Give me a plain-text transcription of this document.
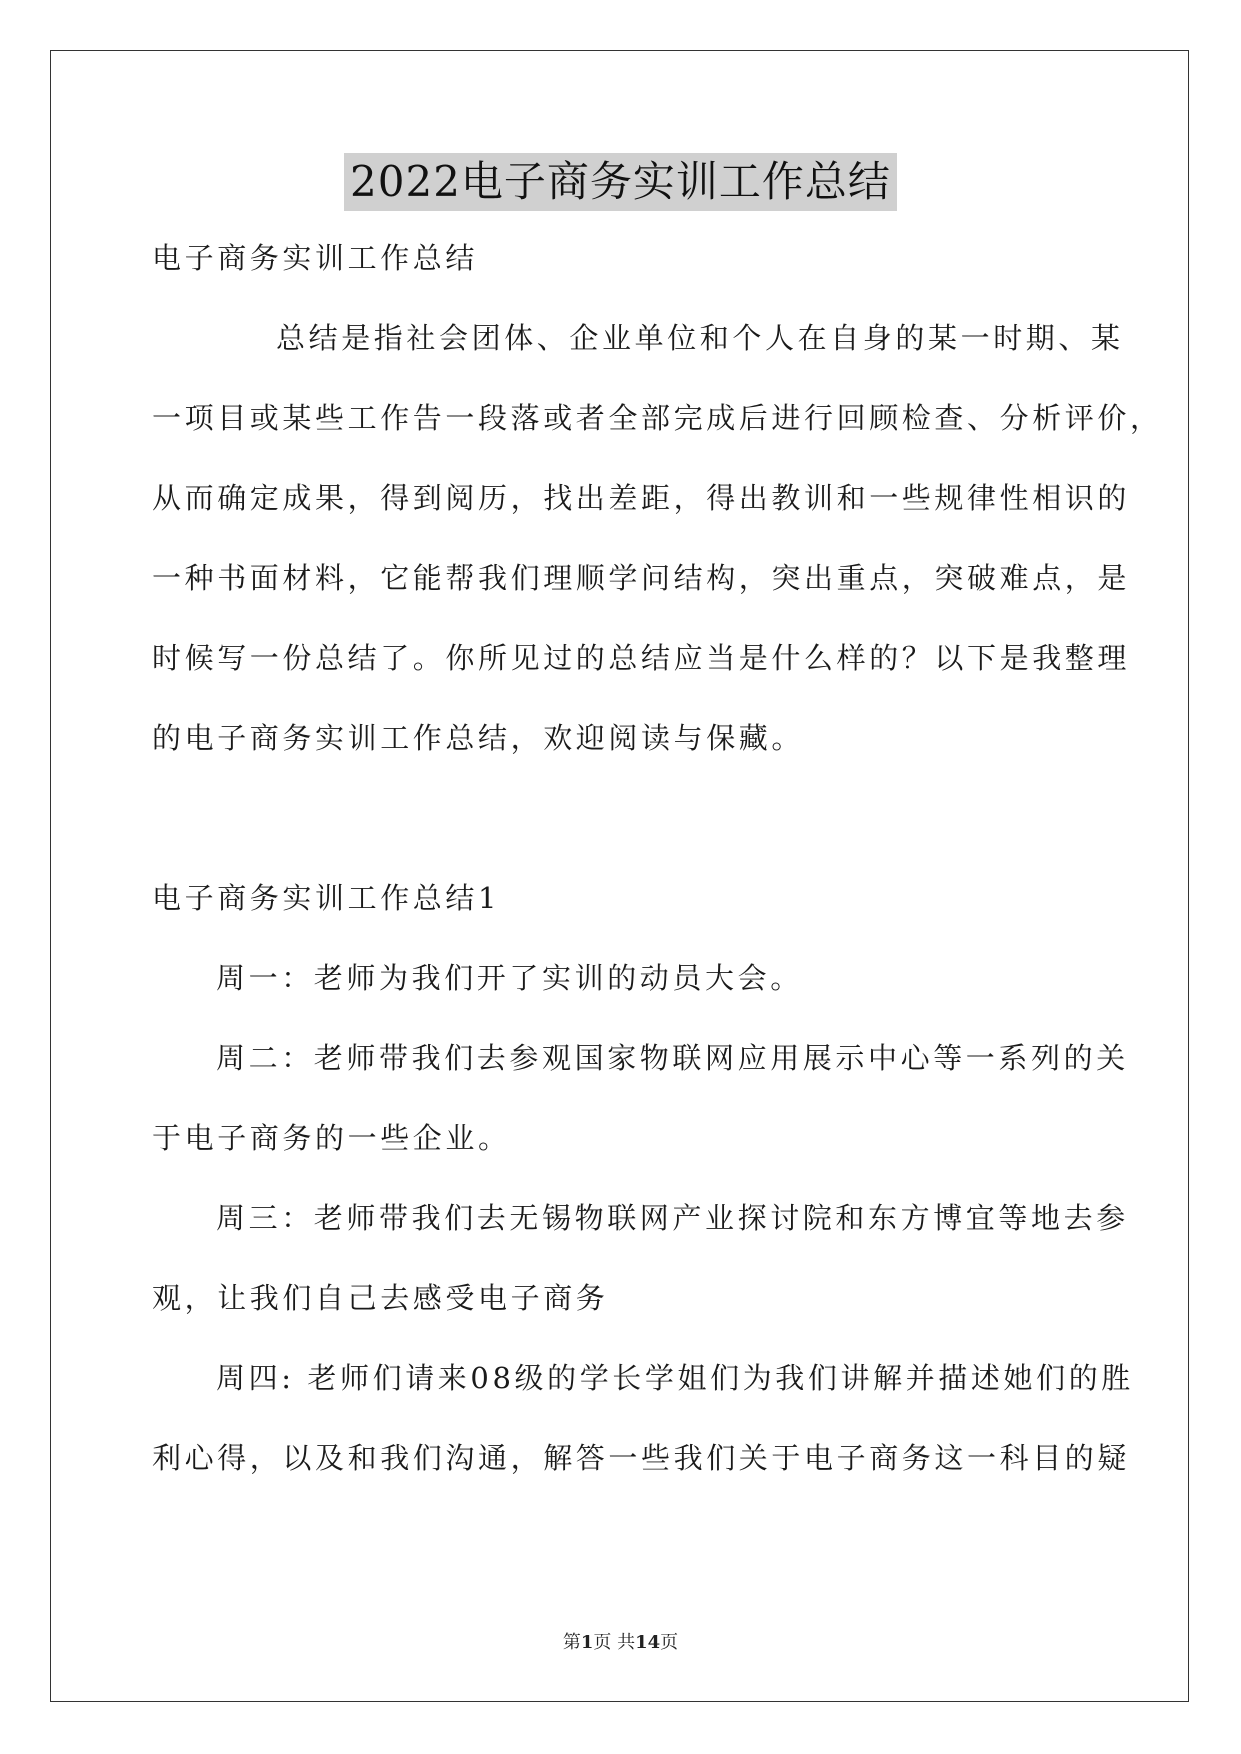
2022电子商务实训工作总结
电子商务实训工作总结
总结是指社会团体、企业单位和个人在自身的某一时期、某
一项目或某些工作告一段落或者全部完成后进行回顾检查、分析评价，
从而确定成果，得到阅历，找出差距，得出教训和一些规律性相识的
一种书面材料，它能帮我们理顺学问结构，突出重点，突破难点，是
时候写一份总结了。你所见过的总结应当是什么样的？以下是我整理
的电子商务实训工作总结，欢迎阅读与保藏。
电子商务实训工作总结1
周一：老师为我们开了实训的动员大会。
周二：老师带我们去参观国家物联网应用展示中心等一系列的关
于电子商务的一些企业。
周三：老师带我们去无锡物联网产业探讨院和东方博宜等地去参
观，让我们自己去感受电子商务
周四: 老师们请来08级的学长学姐们为我们讲解并描述她们的胜
利心得，以及和我们沟通，解答一些我们关于电子商务这一科目的疑
第1页 共14页
